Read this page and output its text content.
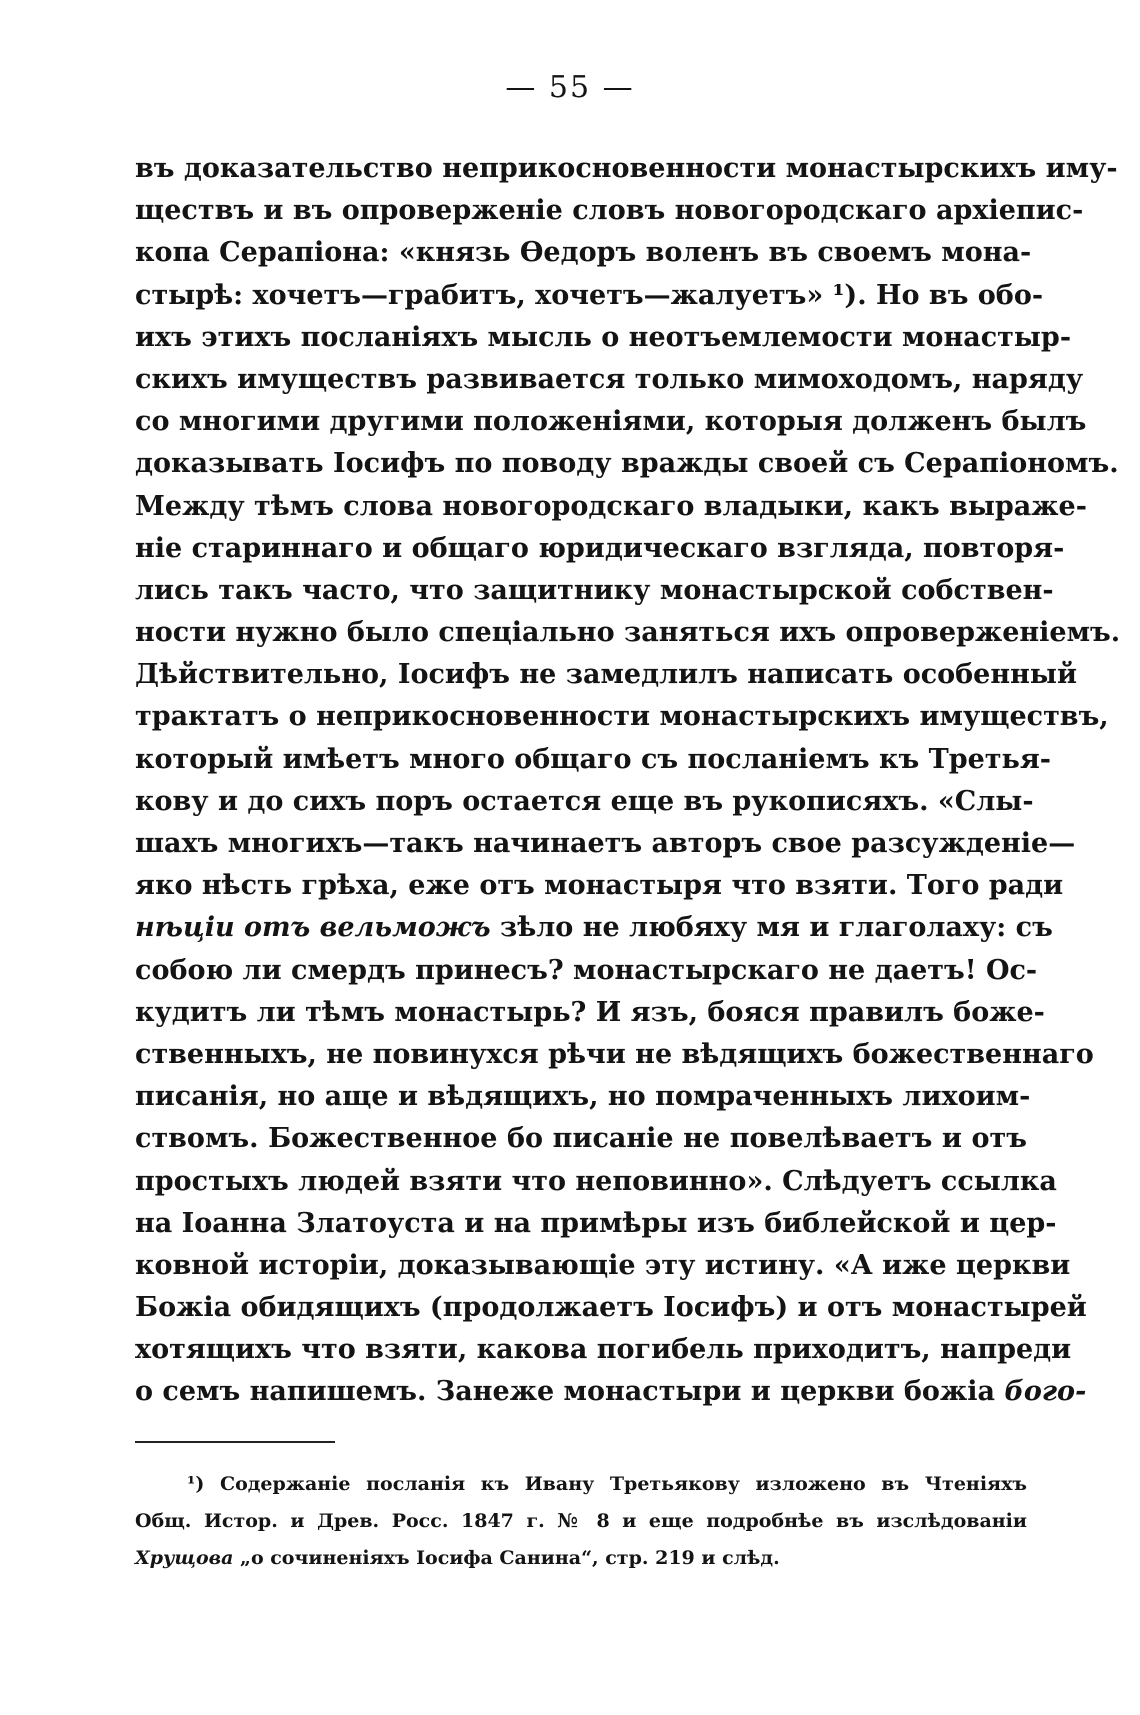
— 55 —
въ доказательство неприкосновенности монастырскихъ иму-
ществъ и въ опроверженіе словъ новогородскаго архіепис-
копа Серапіона: «князь Ѳедоръ воленъ въ своемъ мона-
стырѣ: хочетъ—грабитъ, хочетъ—жалуетъ» ¹). Но въ обо-
ихъ этихъ посланіяхъ мысль о неотъемлемости монастыр-
скихъ имуществъ развивается только мимоходомъ, наряду
со многими другими положеніями, которыя долженъ былъ
доказывать Іосифъ по поводу вражды своей съ Серапіономъ.
Между тѣмъ слова новогородскаго владыки, какъ выраже-
ніе стариннаго и общаго юридическаго взгляда, повторя-
лись такъ часто, что защитнику монастырской собствен-
ности нужно было спеціально заняться ихъ опроверженіемъ.
Дѣйствительно, Іосифъ не замедлилъ написать особенный
трактатъ о неприкосновенности монастырскихъ имуществъ,
который имѣетъ много общаго съ посланіемъ къ Третья-
кову и до сихъ поръ остается еще въ рукописяхъ. «Слы-
шахъ многихъ—такъ начинаетъ авторъ свое разсужденіе—
яко нѣсть грѣха, еже отъ монастыря что взяти. Того ради
нѣціи отъ вельможъ зѣло не любяху мя и глаголаху: съ
собою ли смердъ принесъ? монастырскаго не даетъ! Ос-
кудитъ ли тѣмъ монастырь? И язъ, бояся правилъ боже-
ственныхъ, не повинухся рѣчи не вѣдящихъ божественнаго
писанія, но аще и вѣдящихъ, но помраченныхъ лихоим-
ствомъ. Божественное бо писаніе не повелѣваетъ и отъ
простыхъ людей взяти что неповинно». Слѣдуетъ ссылка
на Іоанна Златоуста и на примѣры изъ библейской и цер-
ковной исторіи, доказывающіе эту истину. «А иже церкви
Божіа обидящихъ (продолжаетъ Іосифъ) и отъ монастырей
хотящихъ что взяти, какова погибель приходитъ, напреди
о семъ напишемъ. Занеже монастыри и церкви божіа бого-
¹) Содержаніе посланія къ Ивану Третьякову изложено въ Чтеніяхъ
Общ. Истор. и Древ. Росс. 1847 г. № 8 и еще подробнѣе въ изслѣдованіи
Хрущова „о сочиненіяхъ Іосифа Санина“, стр. 219 и слѣд.
